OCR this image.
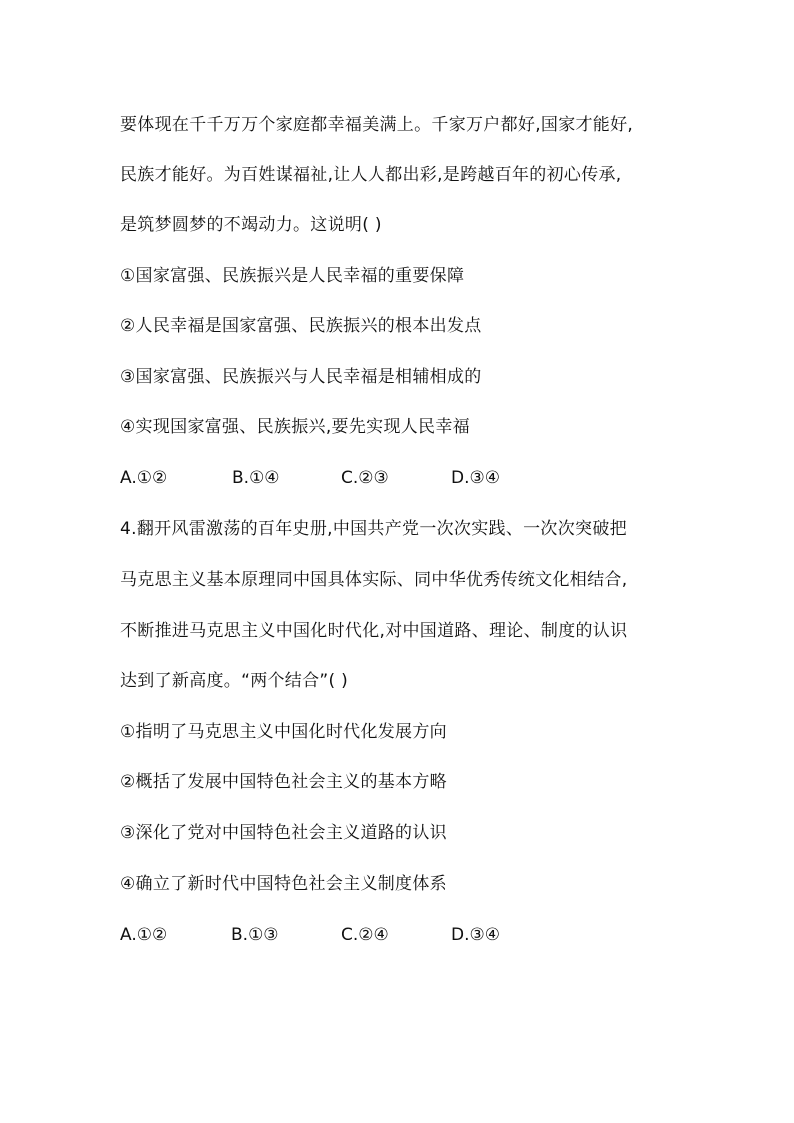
要体现在千千万万个家庭都幸福美满上。千家万户都好,国家才能好,
民族才能好。为百姓谋福祉,让人人都出彩,是跨越百年的初心传承,
是筑梦圆梦的不竭动力。这说明( )
①国家富强、民族振兴是人民幸福的重要保障
②人民幸福是国家富强、民族振兴的根本出发点
③国家富强、民族振兴与人民幸福是相辅相成的
④实现国家富强、民族振兴,要先实现人民幸福
A.①②	B.①④	C.②③	D.③④
4.翻开风雷激荡的百年史册,中国共产党一次次实践、一次次突破把
马克思主义基本原理同中国具体实际、同中华优秀传统文化相结合,
不断推进马克思主义中国化时代化,对中国道路、理论、制度的认识
达到了新高度。“两个结合”( )
①指明了马克思主义中国化时代化发展方向
②概括了发展中国特色社会主义的基本方略
③深化了党对中国特色社会主义道路的认识
④确立了新时代中国特色社会主义制度体系
A.①②	B.①③	C.②④	D.③④
